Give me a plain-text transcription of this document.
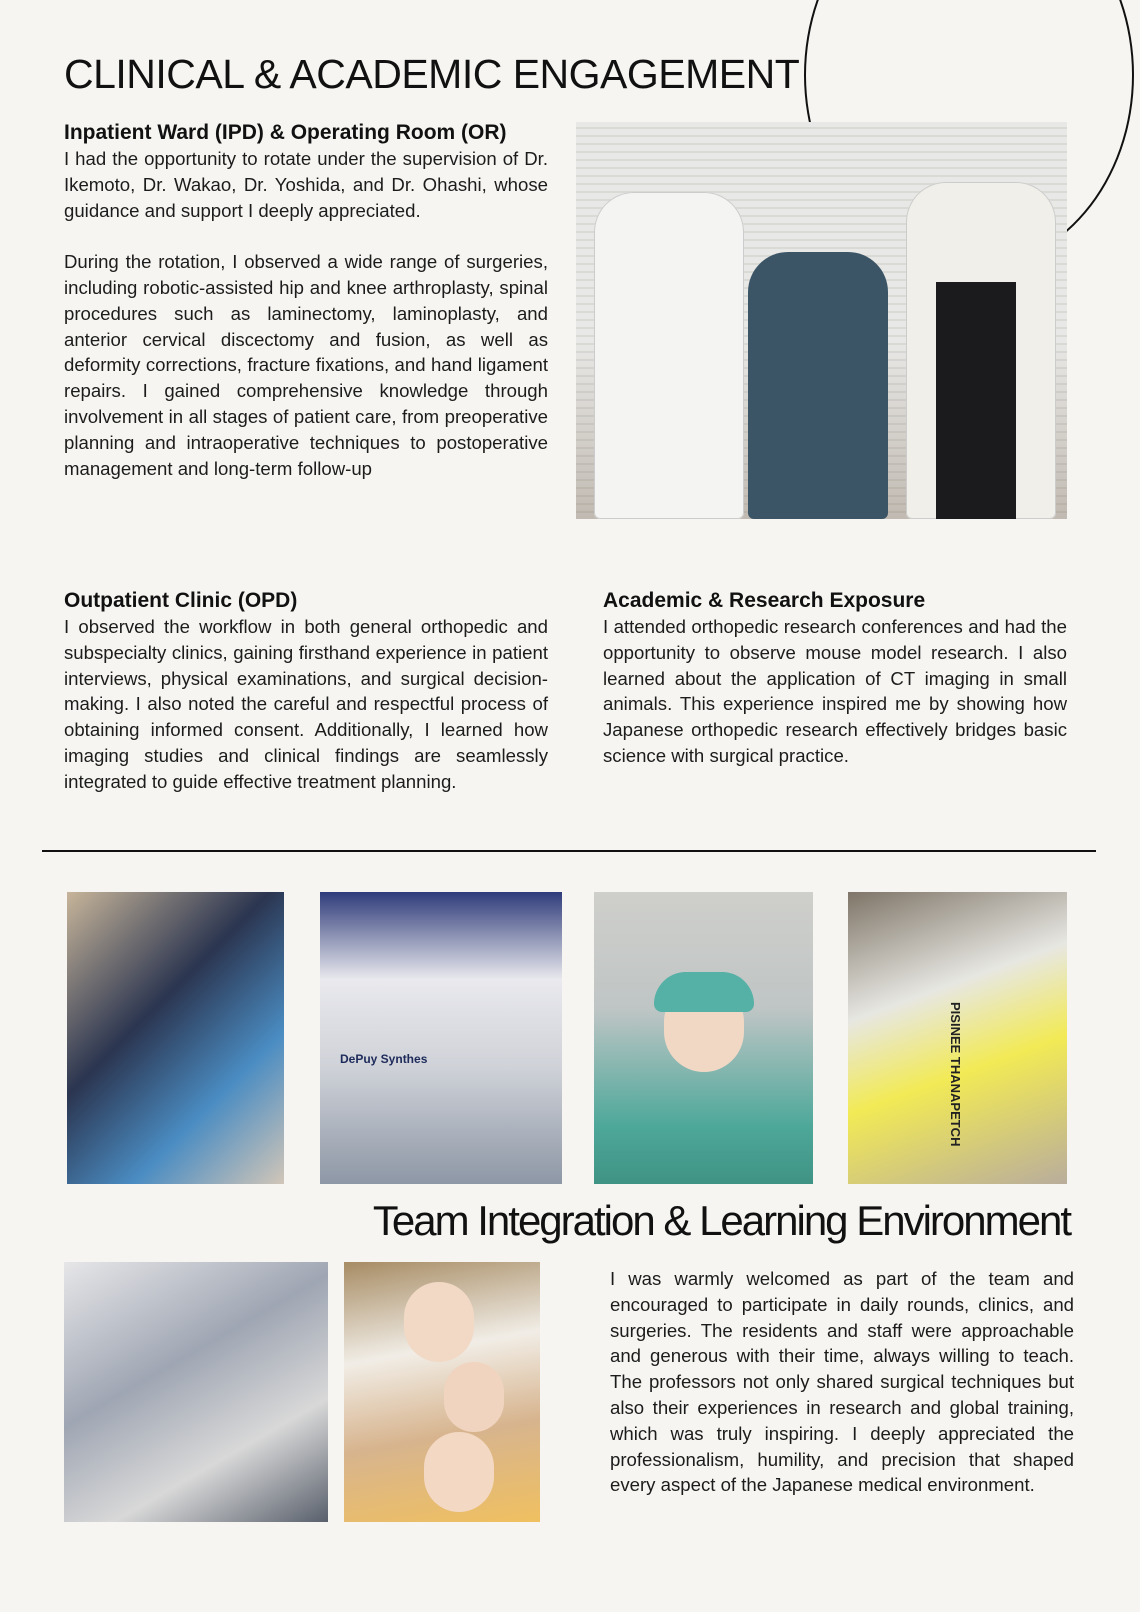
CLINICAL & ACADEMIC ENGAGEMENT
Inpatient Ward (IPD) & Operating Room (OR)

I had the opportunity to rotate under the supervision of Dr. Ikemoto, Dr. Wakao, Dr. Yoshida, and Dr. Ohashi, whose guidance and support I deeply appreciated.

During the rotation, I observed a wide range of surgeries, including robotic-assisted hip and knee arthroplasty, spinal procedures such as laminectomy, laminoplasty, and anterior cervical discectomy and fusion, as well as deformity corrections, fracture fixations, and hand ligament repairs. I gained comprehensive knowledge through involvement in all stages of patient care, from preoperative planning and intraoperative techniques to postoperative management and long-term follow-up

Outpatient Clinic (OPD)

I observed the workflow in both general orthopedic and subspecialty clinics, gaining firsthand experience in patient interviews, physical examinations, and surgical decision-making. I also noted the careful and respectful process of obtaining informed consent. Additionally, I learned how imaging studies and clinical findings are seamlessly integrated to guide effective treatment planning.

Academic & Research Exposure

I attended orthopedic research conferences and had the opportunity to observe mouse model research. I also learned about the application of CT imaging in small animals. This experience inspired me by showing how Japanese orthopedic research effectively bridges basic science with surgical practice.

DePuy Synthes	PISINEE THANAPETCH
Team Integration & Learning Environment

I was warmly welcomed as part of the team and encouraged to participate in daily rounds, clinics, and surgeries. The residents and staff were approachable and generous with their time, always willing to teach. The professors not only shared surgical techniques but also their experiences in research and global training, which was truly inspiring. I deeply appreciated the professionalism, humility, and precision that shaped every aspect of the Japanese medical environment.
